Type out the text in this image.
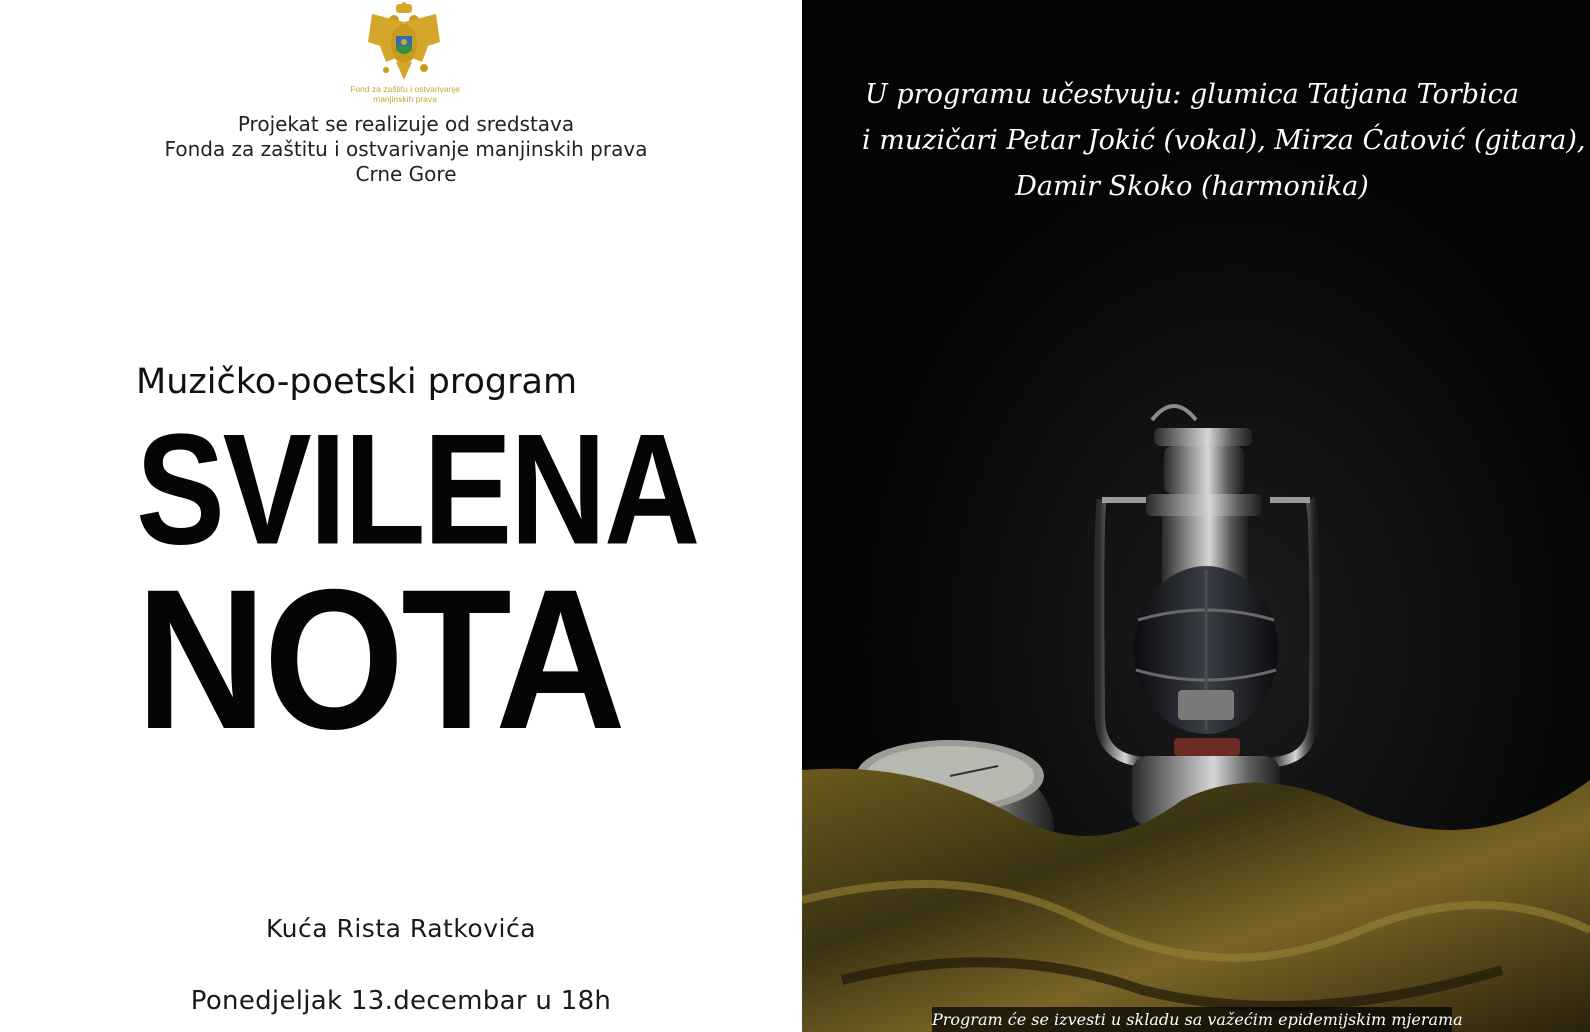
Fond za zaštitu i ostvarivanje
manjinskih prava
Projekat se realizuje od sredstava
Fonda za zaštitu i ostvarivanje manjinskih prava
Crne Gore
Muzičko-poetski program
SVILENA
NOTA
Kuća Rista Ratkovića
Ponedjeljak 13.decembar u 18h
U programu učestvuju: glumica Tatjana Torbica
i muzičari Petar Jokić (vokal), Mirza Ćatović (gitara),
Damir Skoko (harmonika)
Program će se izvesti u skladu sa važećim epidemijskim mjerama
